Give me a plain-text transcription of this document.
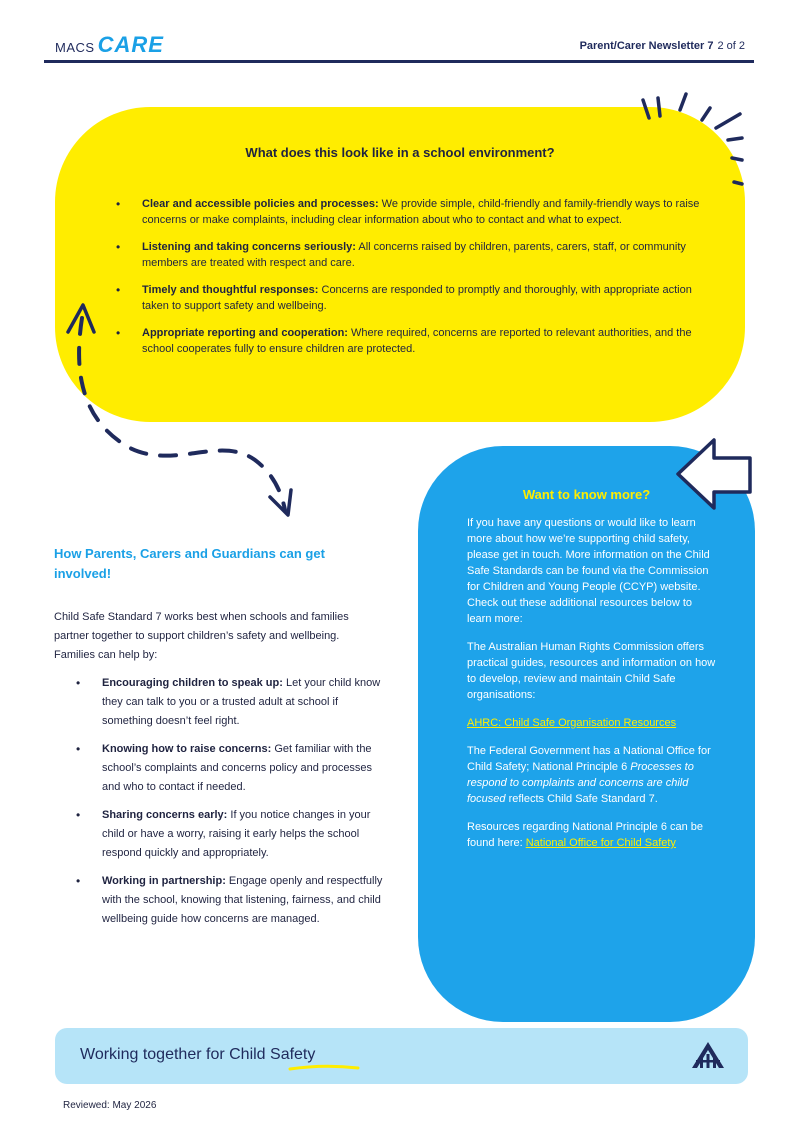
MACS CARE	Parent/Carer Newsletter 7 2 of 2
What does this look like in a school environment?
• Clear and accessible policies and processes: We provide simple, child-friendly and family-friendly ways to raise concerns or make complaints, including clear information about who to contact and what to expect.
• Listening and taking concerns seriously: All concerns raised by children, parents, carers, staff, or community members are treated with respect and care.
• Timely and thoughtful responses: Concerns are responded to promptly and thoroughly, with appropriate action taken to support safety and wellbeing.
• Appropriate reporting and cooperation: Where required, concerns are reported to relevant authorities, and the school cooperates fully to ensure children are protected.
How Parents, Carers and Guardians can get involved!
Child Safe Standard 7 works best when schools and families partner together to support children’s safety and wellbeing. Families can help by:
• Encouraging children to speak up: Let your child know they can talk to you or a trusted adult at school if something doesn’t feel right.
• Knowing how to raise concerns: Get familiar with the school’s complaints and concerns policy and processes and who to contact if needed.
• Sharing concerns early: If you notice changes in your child or have a worry, raising it early helps the school respond quickly and appropriately.
• Working in partnership: Engage openly and respectfully with the school, knowing that listening, fairness, and child wellbeing guide how concerns are managed.
Want to know more?

If you have any questions or would like to learn more about how we’re supporting child safety, please get in touch. More information on the Child Safe Standards can be found via the Commission for Children and Young People (CCYP) website. Check out these additional resources below to learn more:

The Australian Human Rights Commission offers practical guides, resources and information on how to develop, review and maintain Child Safe organisations:

AHRC: Child Safe Organisation Resources

The Federal Government has a National Office for Child Safety; National Principle 6 Processes to respond to complaints and concerns are child focused reflects Child Safe Standard 7.

Resources regarding National Principle 6 can be found here: National Office for Child Safety

Working together for Child Safety
Reviewed: May 2026
